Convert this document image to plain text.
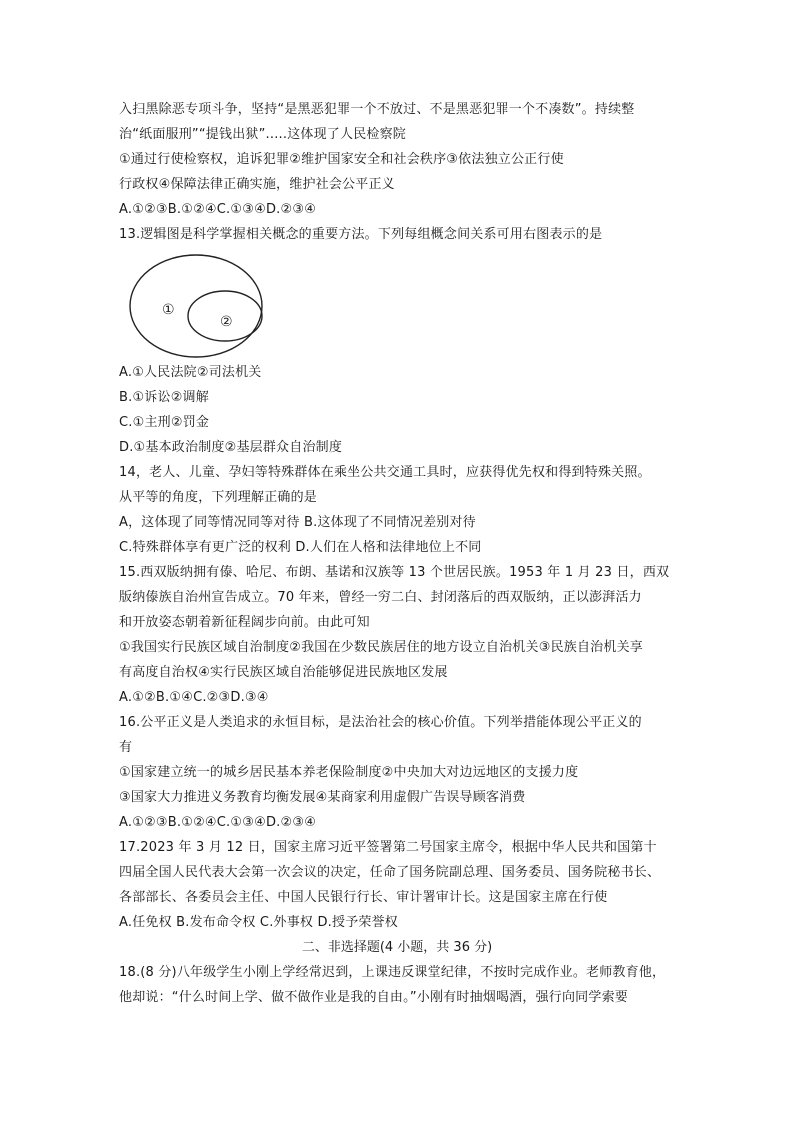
入扫黑除恶专项斗争，坚持“是黑恶犯罪一个不放过、不是黑恶犯罪一个不凑数”。持续整
治“纸面服刑”“提钱出狱”.....这体现了人民检察院
①通过行使检察权，追诉犯罪②维护国家安全和社会秩序③依法独立公正行使
行政权④保障法律正确实施，维护社会公平正义
A.①②③B.①②④C.①③④D.②③④
13.逻辑图是科学掌握相关概念的重要方法。下列每组概念间关系可用右图表示的是
①
②
A.①人民法院②司法机关
B.①诉讼②调解
C.①主刑②罚金
D.①基本政治制度②基层群众自治制度
14，老人、儿童、孕妇等特殊群体在乘坐公共交通工具时，应获得优先权和得到特殊关照。
从平等的角度，下列理解正确的是
A，这体现了同等情况同等对待 B.这体现了不同情况差别对待
C.特殊群体享有更广泛的权利 D.人们在人格和法律地位上不同
15.西双版纳拥有傣、哈尼、布朗、基诺和汉族等 13 个世居民族。1953 年 1 月 23 日，西双
版纳傣族自治州宣告成立。70 年来，曾经一穷二白、封闭落后的西双版纳，正以澎湃活力
和开放姿态朝着新征程阔步向前。由此可知
①我国实行民族区域自治制度②我国在少数民族居住的地方设立自治机关③民族自治机关享
有高度自治权④实行民族区域自治能够促进民族地区发展
A.①②B.①④C.②③D.③④
16.公平正义是人类追求的永恒目标，是法治社会的核心价值。下列举措能体现公平正义的
有
①国家建立统一的城乡居民基本养老保险制度②中央加大对边远地区的支援力度
③国家大力推进义务教育均衡发展④某商家利用虚假广告误导顾客消费
A.①②③B.①②④C.①③④D.②③④
17.2023 年 3 月 12 日，国家主席习近平签署第二号国家主席令，根据中华人民共和国第十
四届全国人民代表大会第一次会议的决定，任命了国务院副总理、国务委员、国务院秘书长、
各部部长、各委员会主任、中国人民银行行长、审计署审计长。这是国家主席在行使
A.任免权 B.发布命令权 C.外事权 D.授予荣誉权
二、非选择题(4 小题，共 36 分)
18.(8 分)八年级学生小刚上学经常迟到，上课违反课堂纪律，不按时完成作业。老师教育他，
他却说：“什么时间上学、做不做作业是我的自由。”小刚有时抽烟喝酒，强行向同学索要
